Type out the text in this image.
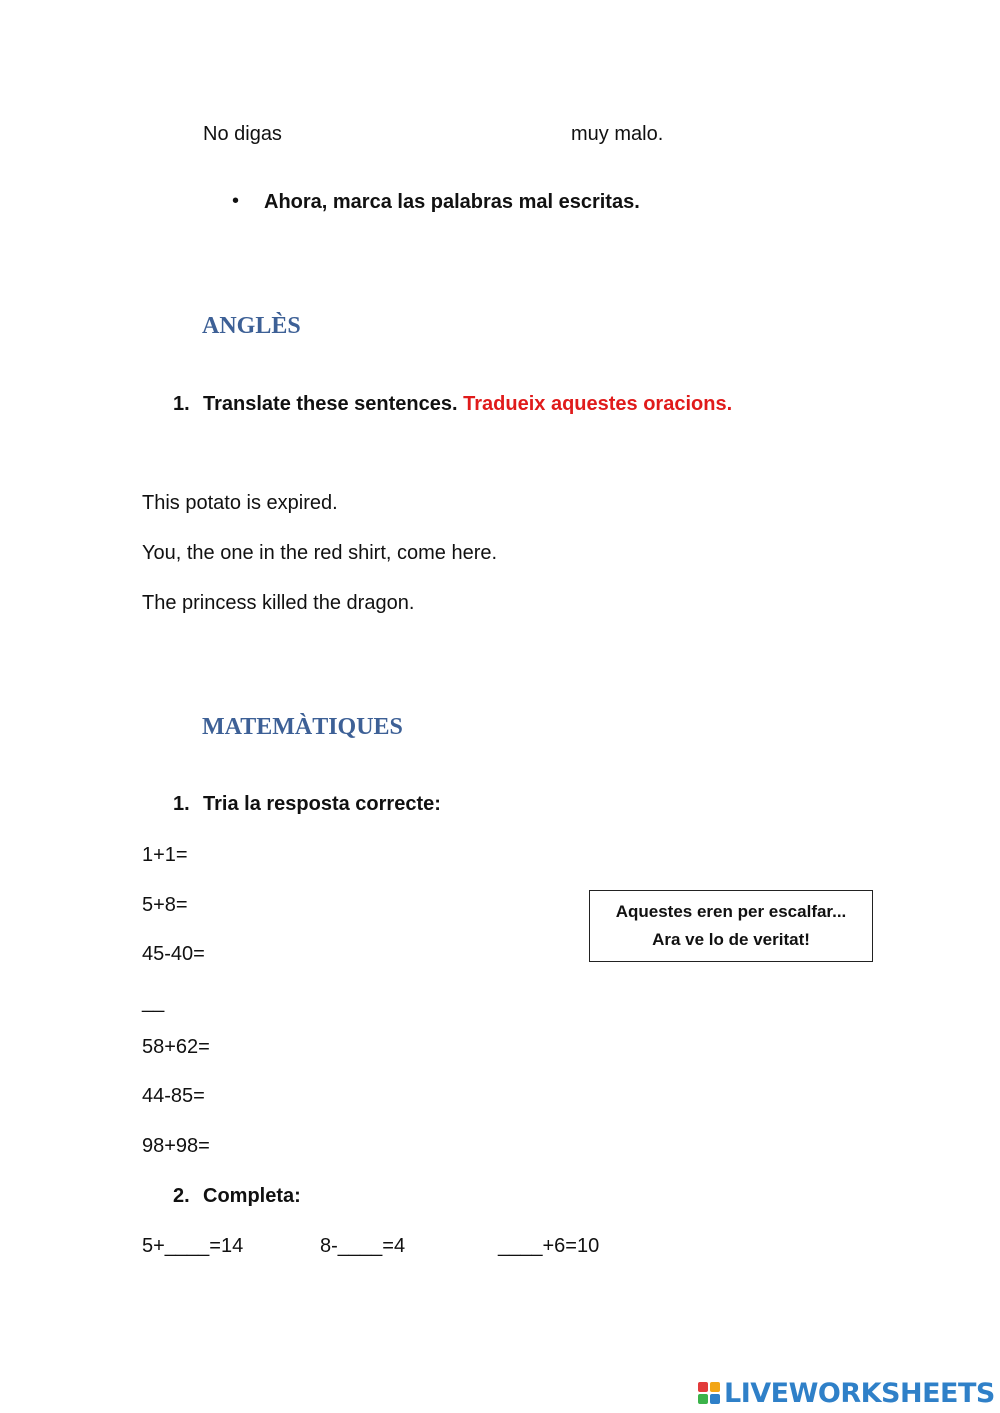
No digas	muy malo.
• Ahora, marca las palabras mal escritas.
ANGLÈS
1. Translate these sentences. Tradueix aquestes oracions.
This potato is expired.
You, the one in the red shirt, come here.
The princess killed the dragon.
MATEMÀTIQUES
1. Tria la resposta correcte:
1+1=
5+8=
45-40=
Aquestes eren per escalfar...
Ara ve lo de veritat!
__
58+62=
44-85=
98+98=
2. Completa:
5+____=14	8-____=4	____+6=10
LIVEWORKSHEETS
